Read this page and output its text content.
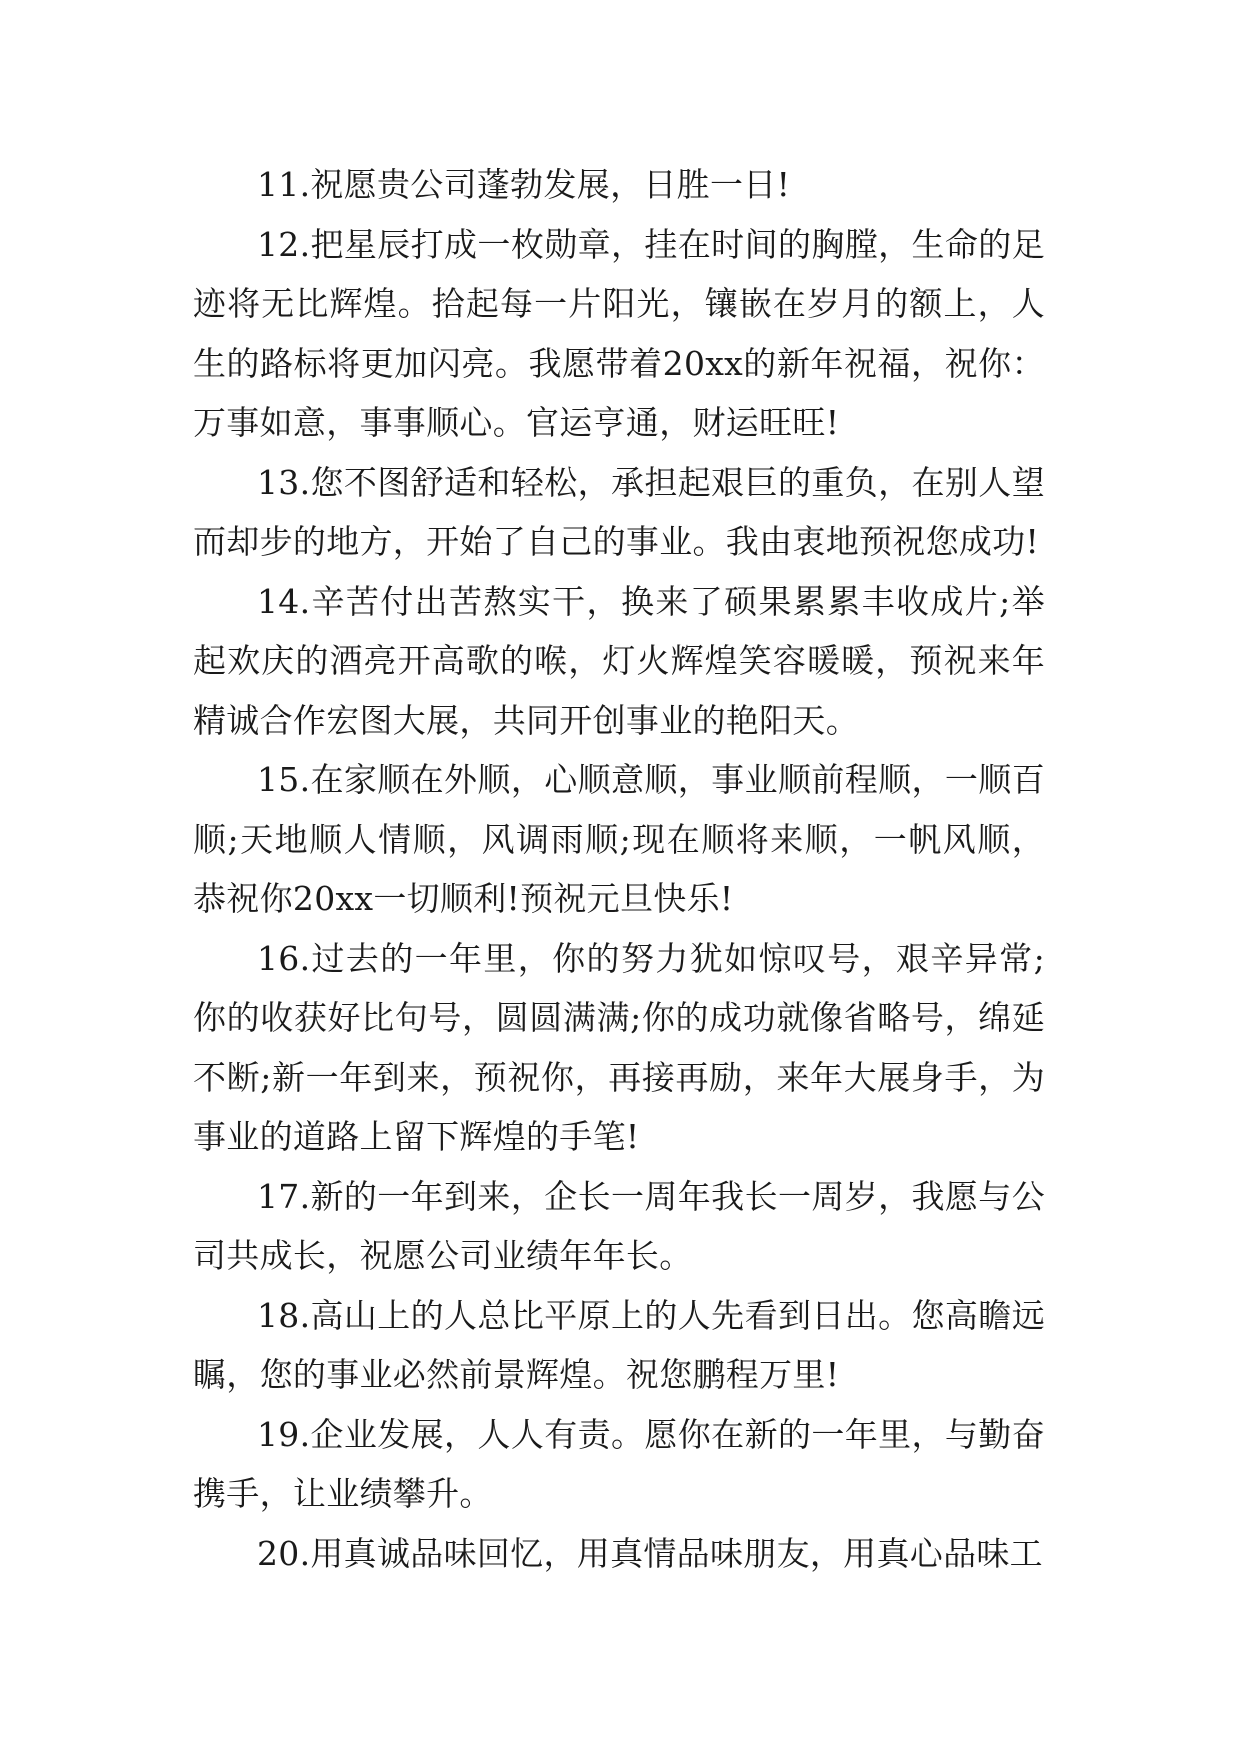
11.祝愿贵公司蓬勃发展，日胜一日!

12.把星辰打成一枚勋章，挂在时间的胸膛，生命的足迹将无比辉煌。拾起每一片阳光，镶嵌在岁月的额上，人生的路标将更加闪亮。我愿带着20xx的新年祝福，祝你：万事如意，事事顺心。官运亨通，财运旺旺!

13.您不图舒适和轻松，承担起艰巨的重负，在别人望而却步的地方，开始了自己的事业。我由衷地预祝您成功!

14.辛苦付出苦熬实干，换来了硕果累累丰收成片;举起欢庆的酒亮开高歌的喉，灯火辉煌笑容暖暖，预祝来年精诚合作宏图大展，共同开创事业的艳阳天。

15.在家顺在外顺，心顺意顺，事业顺前程顺，一顺百顺;天地顺人情顺，风调雨顺;现在顺将来顺，一帆风顺，恭祝你20xx一切顺利!预祝元旦快乐!

16.过去的一年里，你的努力犹如惊叹号，艰辛异常;你的收获好比句号，圆圆满满;你的成功就像省略号，绵延不断;新一年到来，预祝你，再接再励，来年大展身手，为事业的道路上留下辉煌的手笔!

17.新的一年到来，企长一周年我长一周岁，我愿与公司共成长，祝愿公司业绩年年长。

18.高山上的人总比平原上的人先看到日出。您高瞻远瞩，您的事业必然前景辉煌。祝您鹏程万里!

19.企业发展，人人有责。愿你在新的一年里，与勤奋携手，让业绩攀升。

20.用真诚品味回忆，用真情品味朋友，用真心品味工
